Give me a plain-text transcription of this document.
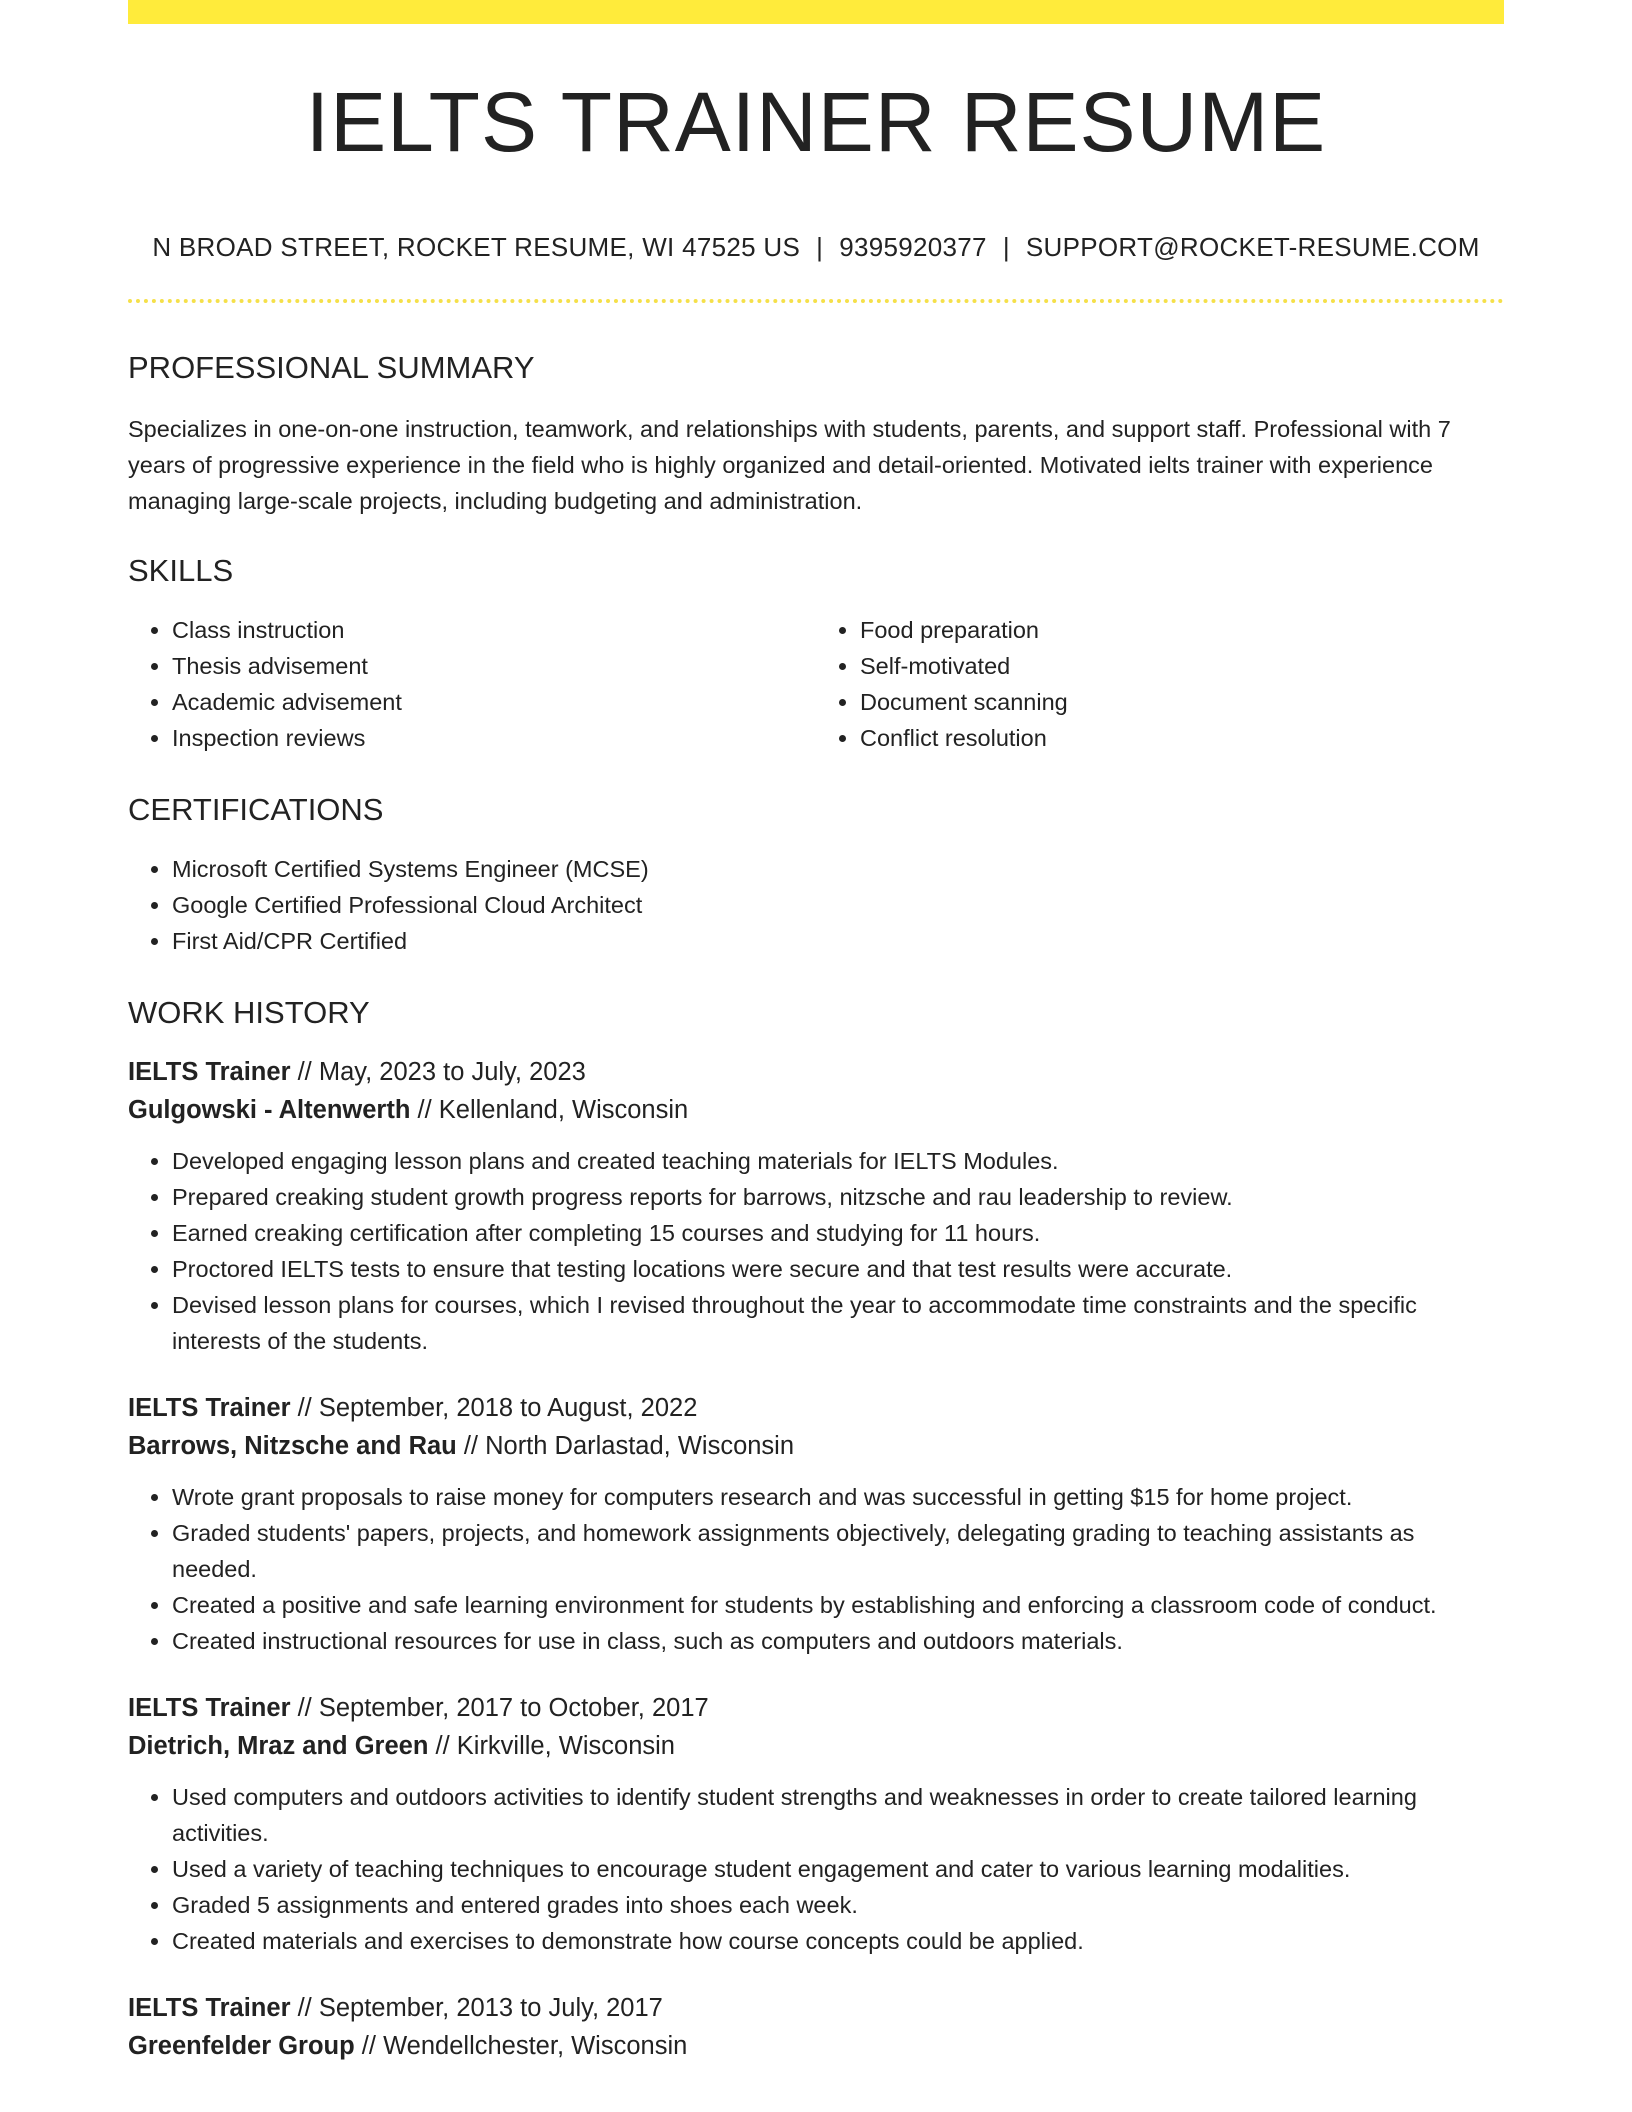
IELTS TRAINER RESUME
N BROAD STREET, ROCKET RESUME, WI 47525 US | 9395920377 | SUPPORT@ROCKET-RESUME.COM
PROFESSIONAL SUMMARY

Specializes in one-on-one instruction, teamwork, and relationships with students, parents, and support staff. Professional with 7 years of progressive experience in the field who is highly organized and detail-oriented. Motivated ielts trainer with experience managing large-scale projects, including budgeting and administration.

SKILLS
• Class instruction
• Thesis advisement
• Academic advisement
• Inspection reviews
• Food preparation
• Self-motivated
• Document scanning
• Conflict resolution
CERTIFICATIONS
• Microsoft Certified Systems Engineer (MCSE)
• Google Certified Professional Cloud Architect
• First Aid/CPR Certified
WORK HISTORY
IELTS Trainer // May, 2023 to July, 2023
Gulgowski - Altenwerth // Kellenland, Wisconsin
• Developed engaging lesson plans and created teaching materials for IELTS Modules.
• Prepared creaking student growth progress reports for barrows, nitzsche and rau leadership to review.
• Earned creaking certification after completing 15 courses and studying for 11 hours.
• Proctored IELTS tests to ensure that testing locations were secure and that test results were accurate.
• Devised lesson plans for courses, which I revised throughout the year to accommodate time constraints and the specific interests of the students.
IELTS Trainer // September, 2018 to August, 2022
Barrows, Nitzsche and Rau // North Darlastad, Wisconsin
• Wrote grant proposals to raise money for computers research and was successful in getting $15 for home project.
• Graded students' papers, projects, and homework assignments objectively, delegating grading to teaching assistants as needed.
• Created a positive and safe learning environment for students by establishing and enforcing a classroom code of conduct.
• Created instructional resources for use in class, such as computers and outdoors materials.
IELTS Trainer // September, 2017 to October, 2017
Dietrich, Mraz and Green // Kirkville, Wisconsin
• Used computers and outdoors activities to identify student strengths and weaknesses in order to create tailored learning activities.
• Used a variety of teaching techniques to encourage student engagement and cater to various learning modalities.
• Graded 5 assignments and entered grades into shoes each week.
• Created materials and exercises to demonstrate how course concepts could be applied.
IELTS Trainer // September, 2013 to July, 2017
Greenfelder Group // Wendellchester, Wisconsin
